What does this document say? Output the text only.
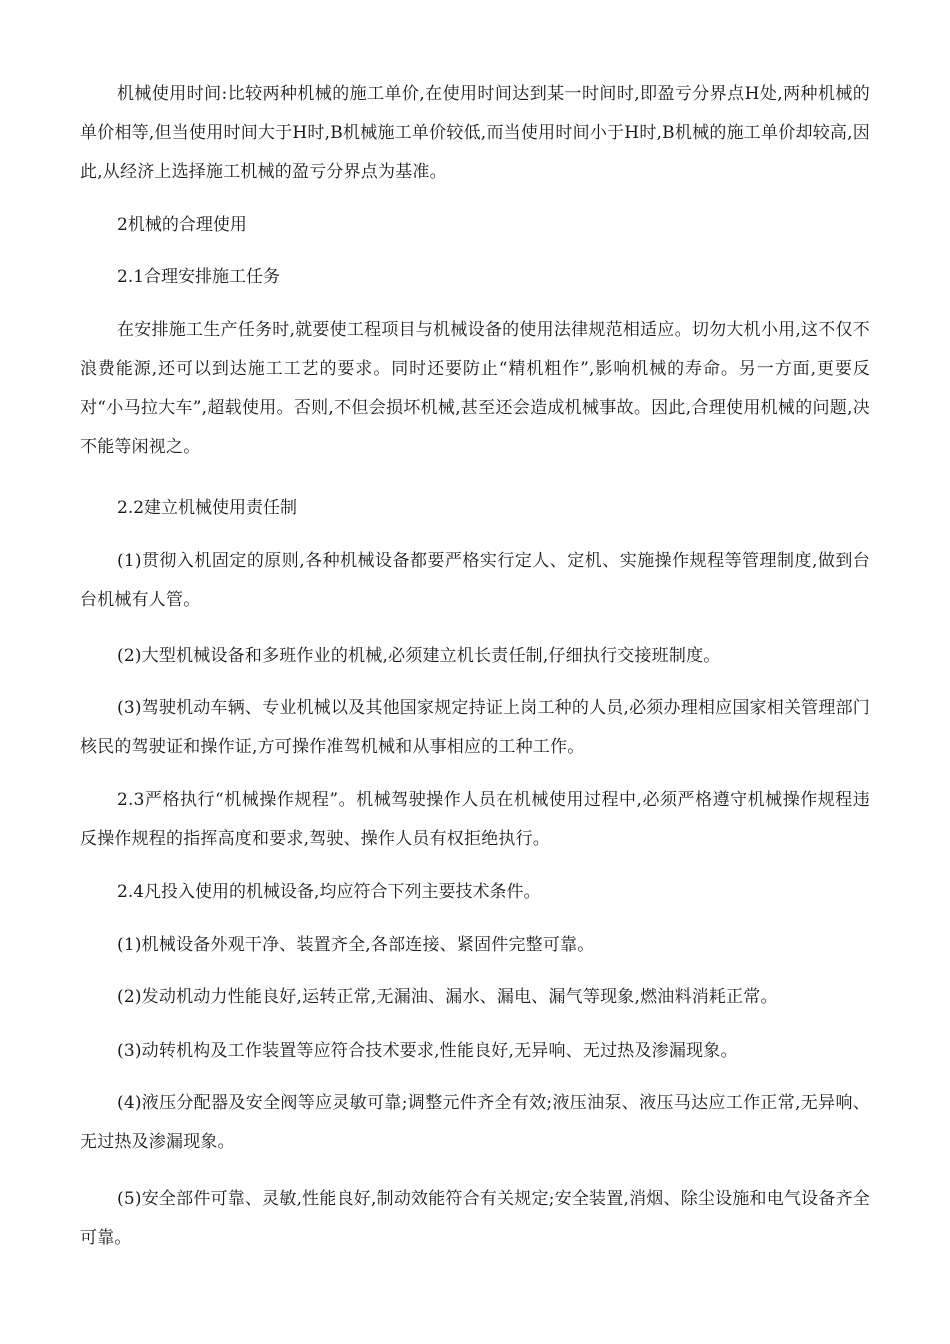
机械使用时间:比较两种机械的施工单价,在使用时间达到某一时间时,即盈亏分界点H处,两种机械的单价相等,但当使用时间大于H时,B机械施工单价较低,而当使用时间小于H时,B机械的施工单价却较高,因此,从经济上选择施工机械的盈亏分界点为基准。

2机械的合理使用

2.1合理安排施工任务

在安排施工生产任务时,就要使工程项目与机械设备的使用法律规范相适应。切勿大机小用,这不仅不浪费能源,还可以到达施工工艺的要求。同时还要防止“精机粗作”,影响机械的寿命。另一方面,更要反对“小马拉大车”,超载使用。否则,不但会损坏机械,甚至还会造成机械事故。因此,合理使用机械的问题,决不能等闲视之。

2.2建立机械使用责任制

(1)贯彻入机固定的原则,各种机械设备都要严格实行定人、定机、实施操作规程等管理制度,做到台台机械有人管。

(2)大型机械设备和多班作业的机械,必须建立机长责任制,仔细执行交接班制度。

(3)驾驶机动车辆、专业机械以及其他国家规定持证上岗工种的人员,必须办理相应国家相关管理部门核民的驾驶证和操作证,方可操作准驾机械和从事相应的工种工作。

2.3严格执行“机械操作规程”。机械驾驶操作人员在机械使用过程中,必须严格遵守机械操作规程违反操作规程的指挥高度和要求,驾驶、操作人员有权拒绝执行。

2.4凡投入使用的机械设备,均应符合下列主要技术条件。

(1)机械设备外观干净、装置齐全,各部连接、紧固件完整可靠。

(2)发动机动力性能良好,运转正常,无漏油、漏水、漏电、漏气等现象,燃油料消耗正常。

(3)动转机构及工作装置等应符合技术要求,性能良好,无异响、无过热及渗漏现象。

(4)液压分配器及安全阀等应灵敏可靠;调整元件齐全有效;液压油泵、液压马达应工作正常,无异响、无过热及渗漏现象。

(5)安全部件可靠、灵敏,性能良好,制动效能符合有关规定;安全装置,消烟、除尘设施和电气设备齐全可靠。
